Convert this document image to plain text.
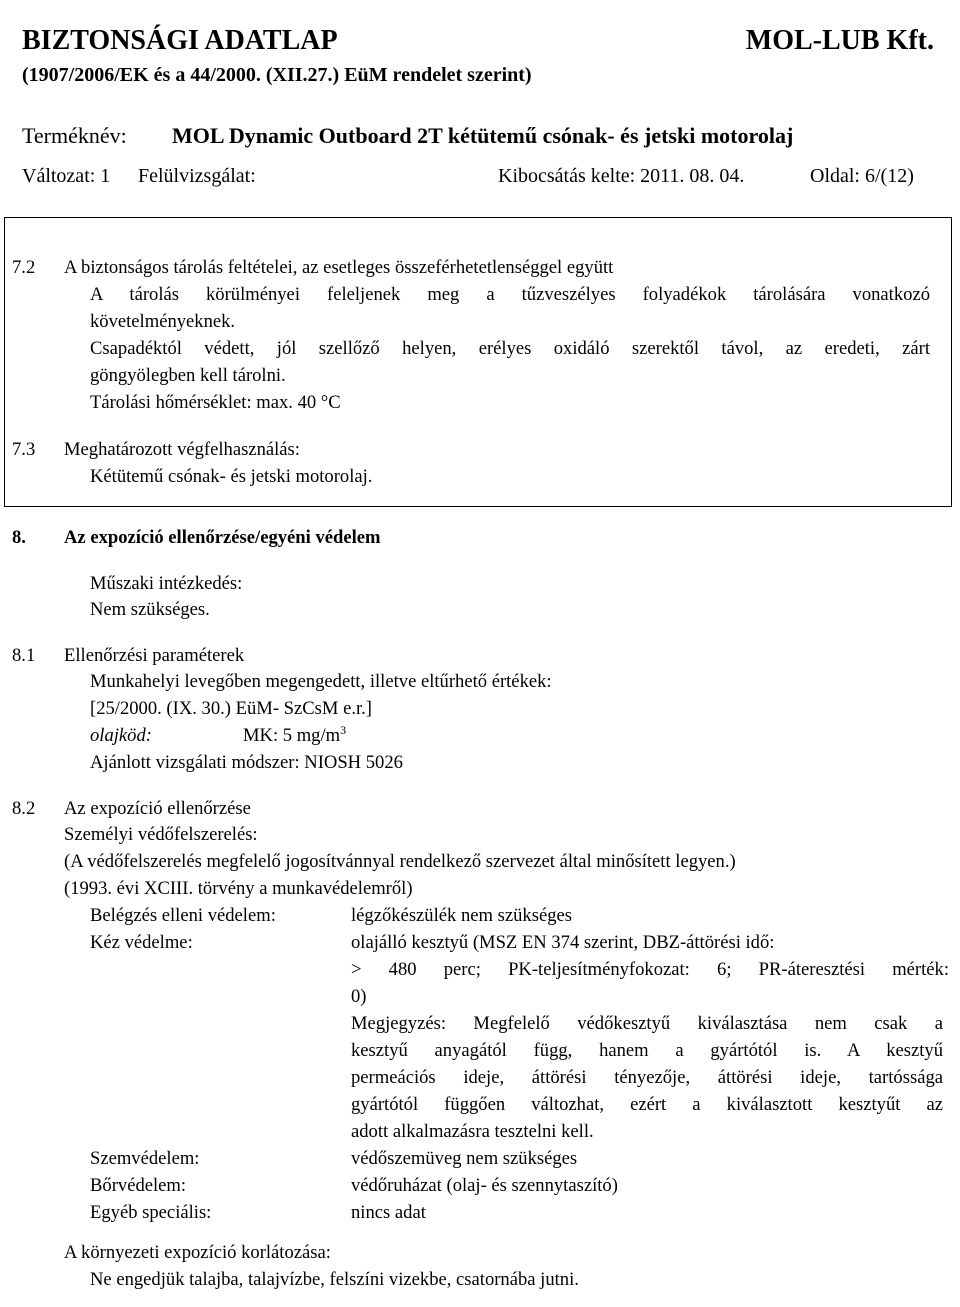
BIZTONSÁGI ADATLAP	MOL-LUB Kft.
(1907/2006/EK és a 44/2000. (XII.27.) EüM rendelet szerint)
Terméknév: MOL Dynamic Outboard 2T kétütemű csónak- és jetski motorolaj
Változat: 1 Felülvizsgálat:	Kibocsátás kelte: 2011. 08. 04.	Oldal: 6/(12)
7.2 A biztonságos tárolás feltételei, az esetleges összeférhetetlenséggel együtt
A tárolás körülményei feleljenek meg a tűzveszélyes folyadékok tárolására vonatkozó
követelményeknek.
Csapadéktól védett, jól szellőző helyen, erélyes oxidáló szerektől távol, az eredeti, zárt
göngyölegben kell tárolni.
Tárolási hőmérséklet: max. 40 °C
7.3 Meghatározott végfelhasználás:
Kétütemű csónak- és jetski motorolaj.
8. Az expozíció ellenőrzése/egyéni védelem
Műszaki intézkedés:
Nem szükséges.
8.1 Ellenőrzési paraméterek
Munkahelyi levegőben megengedett, illetve eltűrhető értékek:
[25/2000. (IX. 30.) EüM- SzCsM e.r.]
olajköd:	MK: 5 $mg/m^3$
Ajánlott vizsgálati módszer: NIOSH 5026
8.2 Az expozíció ellenőrzése
Személyi védőfelszerelés:
(A védőfelszerelés megfelelő jogosítvánnyal rendelkező szervezet által minősített legyen.)
(1993. évi XCIII. törvény a munkavédelemről)
Belégzés elleni védelem:	légzőkészülék nem szükséges
Kéz védelme:	olajálló kesztyű (MSZ EN 374 szerint, DBZ-áttörési idő:
> 480 perc; PK-teljesítményfokozat: 6; PR-áteresztési mérték:
0)
Megjegyzés: Megfelelő védőkesztyű kiválasztása nem csak a
kesztyű anyagától függ, hanem a gyártótól is. A kesztyű
permeációs ideje, áttörési tényezője, áttörési ideje, tartóssága
gyártótól függően változhat, ezért a kiválasztott kesztyűt az
adott alkalmazásra tesztelni kell.
Szemvédelem:	védőszemüveg nem szükséges
Bőrvédelem:	védőruházat (olaj- és szennytaszító)
Egyéb speciális:	nincs adat
A környezeti expozíció korlátozása:
Ne engedjük talajba, talajvízbe, felszíni vizekbe, csatornába jutni.
